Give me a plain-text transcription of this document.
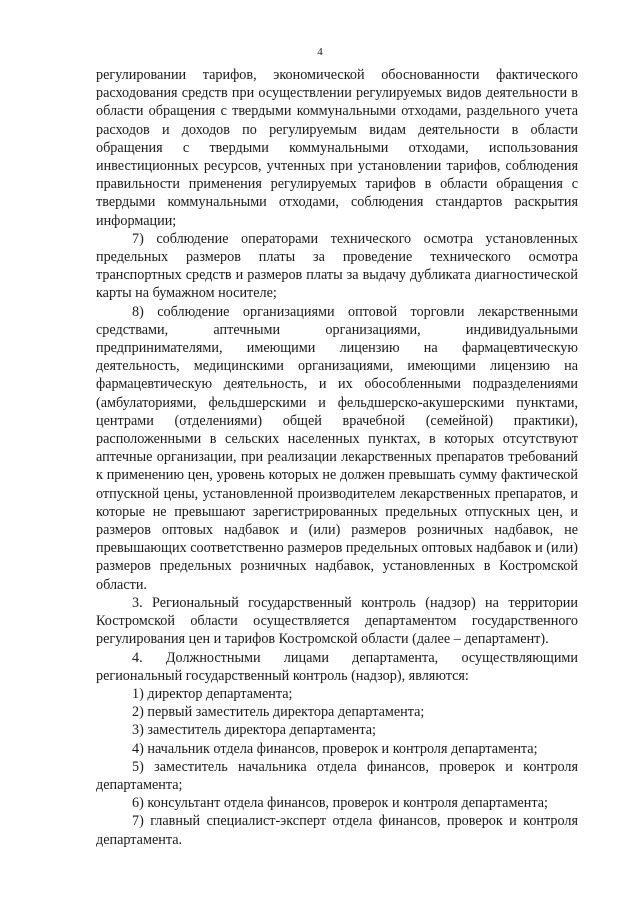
4

регулировании тарифов, экономической обоснованности фактического расходования средств при осуществлении регулируемых видов деятельности в области обращения с твердыми коммунальными отходами, раздельного учета расходов и доходов по регулируемым видам деятельности в области обращения с твердыми коммунальными отходами, использования инвестиционных ресурсов, учтенных при установлении тарифов, соблюдения правильности применения регулируемых тарифов в области обращения с твердыми коммунальными отходами, соблюдения стандартов раскрытия информации;

7) соблюдение операторами технического осмотра установленных предельных размеров платы за проведение технического осмотра транспортных средств и размеров платы за выдачу дубликата диагностической карты на бумажном носителе;

8) соблюдение организациями оптовой торговли лекарственными средствами, аптечными организациями, индивидуальными предпринимателями, имеющими лицензию на фармацевтическую деятельность, медицинскими организациями, имеющими лицензию на фармацевтическую деятельность, и их обособленными подразделениями (амбулаториями, фельдшерскими и фельдшерско-акушерскими пунктами, центрами (отделениями) общей врачебной (семейной) практики), расположенными в сельских населенных пунктах, в которых отсутствуют аптечные организации, при реализации лекарственных препаратов требований к применению цен, уровень которых не должен превышать сумму фактической отпускной цены, установленной производителем лекарственных препаратов, и которые не превышают зарегистрированных предельных отпускных цен, и размеров оптовых надбавок и (или) размеров розничных надбавок, не превышающих соответственно размеров предельных оптовых надбавок и (или) размеров предельных розничных надбавок, установленных в Костромской области.

3. Региональный государственный контроль (надзор) на территории Костромской области осуществляется департаментом государственного регулирования цен и тарифов Костромской области (далее – департамент).

4. Должностными лицами департамента, осуществляющими региональный государственный контроль (надзор), являются:

1) директор департамента;

2) первый заместитель директора департамента;

3) заместитель директора департамента;

4) начальник отдела финансов, проверок и контроля департамента;

5) заместитель начальника отдела финансов, проверок и контроля департамента;

6) консультант отдела финансов, проверок и контроля департамента;

7) главный специалист-эксперт отдела финансов, проверок и контроля департамента.
